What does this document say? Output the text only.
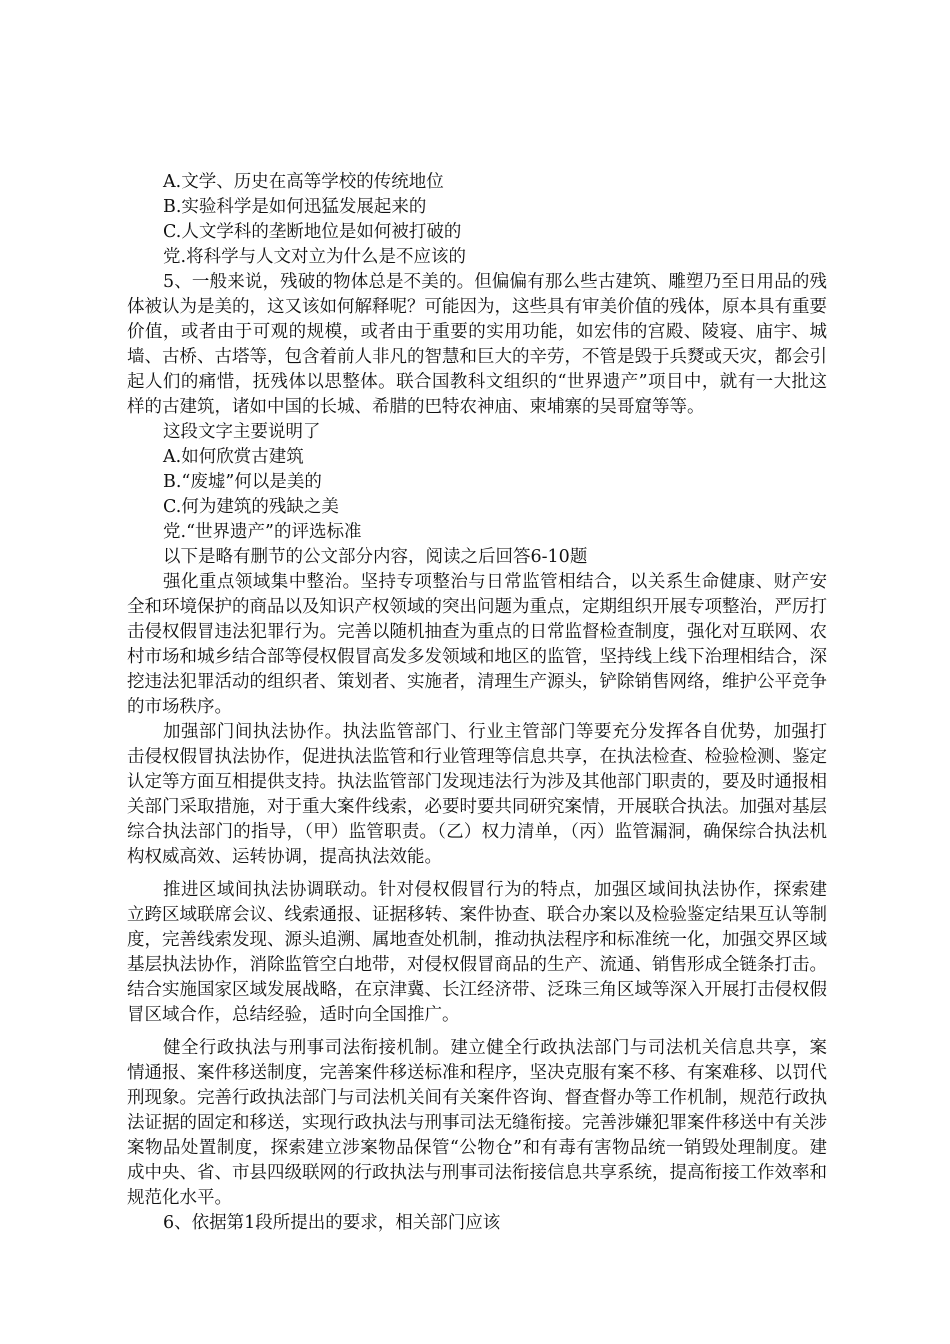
A.文学、历史在高等学校的传统地位
B.实验科学是如何迅猛发展起来的
C.人文学科的垄断地位是如何被打破的
党.将科学与人文对立为什么是不应该的

5、一般来说，残破的物体总是不美的。但偏偏有那么些古建筑、雕塑乃至日用品的残体被认为是美的，这又该如何解释呢？可能因为，这些具有审美价值的残体，原本具有重要价值，或者由于可观的规模，或者由于重要的实用功能，如宏伟的宫殿、陵寝、庙宇、城墙、古桥、古塔等，包含着前人非凡的智慧和巨大的辛劳，不管是毁于兵燹或天灾，都会引起人们的痛惜，抚残体以思整体。联合国教科文组织的“世界遗产”项目中，就有一大批这样的古建筑，诸如中国的长城、希腊的巴特农神庙、柬埔寨的吴哥窟等等。

这段文字主要说明了
A.如何欣赏古建筑
B.“废墟”何以是美的
C.何为建筑的残缺之美
党.“世界遗产”的评选标准
以下是略有删节的公文部分内容，阅读之后回答6-10题

强化重点领域集中整治。坚持专项整治与日常监管相结合，以关系生命健康、财产安全和环境保护的商品以及知识产权领域的突出问题为重点，定期组织开展专项整治，严厉打击侵权假冒违法犯罪行为。完善以随机抽查为重点的日常监督检查制度，强化对互联网、农村市场和城乡结合部等侵权假冒高发多发领域和地区的监管，坚持线上线下治理相结合，深挖违法犯罪活动的组织者、策划者、实施者，清理生产源头，铲除销售网络，维护公平竞争的市场秩序。

加强部门间执法协作。执法监管部门、行业主管部门等要充分发挥各自优势，加强打击侵权假冒执法协作，促进执法监管和行业管理等信息共享，在执法检查、检验检测、鉴定认定等方面互相提供支持。执法监管部门发现违法行为涉及其他部门职责的，要及时通报相关部门采取措施，对于重大案件线索，必要时要共同研究案情，开展联合执法。加强对基层综合执法部门的指导，（甲）监管职责。（乙）权力清单，（丙）监管漏洞，确保综合执法机构权威高效、运转协调，提高执法效能。

推进区域间执法协调联动。针对侵权假冒行为的特点，加强区域间执法协作，探索建立跨区域联席会议、线索通报、证据移转、案件协查、联合办案以及检验鉴定结果互认等制度，完善线索发现、源头追溯、属地查处机制，推动执法程序和标准统一化，加强交界区域基层执法协作，消除监管空白地带，对侵权假冒商品的生产、流通、销售形成全链条打击。结合实施国家区域发展战略，在京津冀、长江经济带、泛珠三角区域等深入开展打击侵权假冒区域合作，总结经验，适时向全国推广。

健全行政执法与刑事司法衔接机制。建立健全行政执法部门与司法机关信息共享，案情通报、案件移送制度，完善案件移送标准和程序，坚决克服有案不移、有案难移、以罚代刑现象。完善行政执法部门与司法机关间有关案件咨询、督查督办等工作机制，规范行政执法证据的固定和移送，实现行政执法与刑事司法无缝衔接。完善涉嫌犯罪案件移送中有关涉案物品处置制度，探索建立涉案物品保管“公物仓”和有毒有害物品统一销毁处理制度。建成中央、省、市县四级联网的行政执法与刑事司法衔接信息共享系统，提高衔接工作效率和规范化水平。

6、依据第1段所提出的要求，相关部门应该
